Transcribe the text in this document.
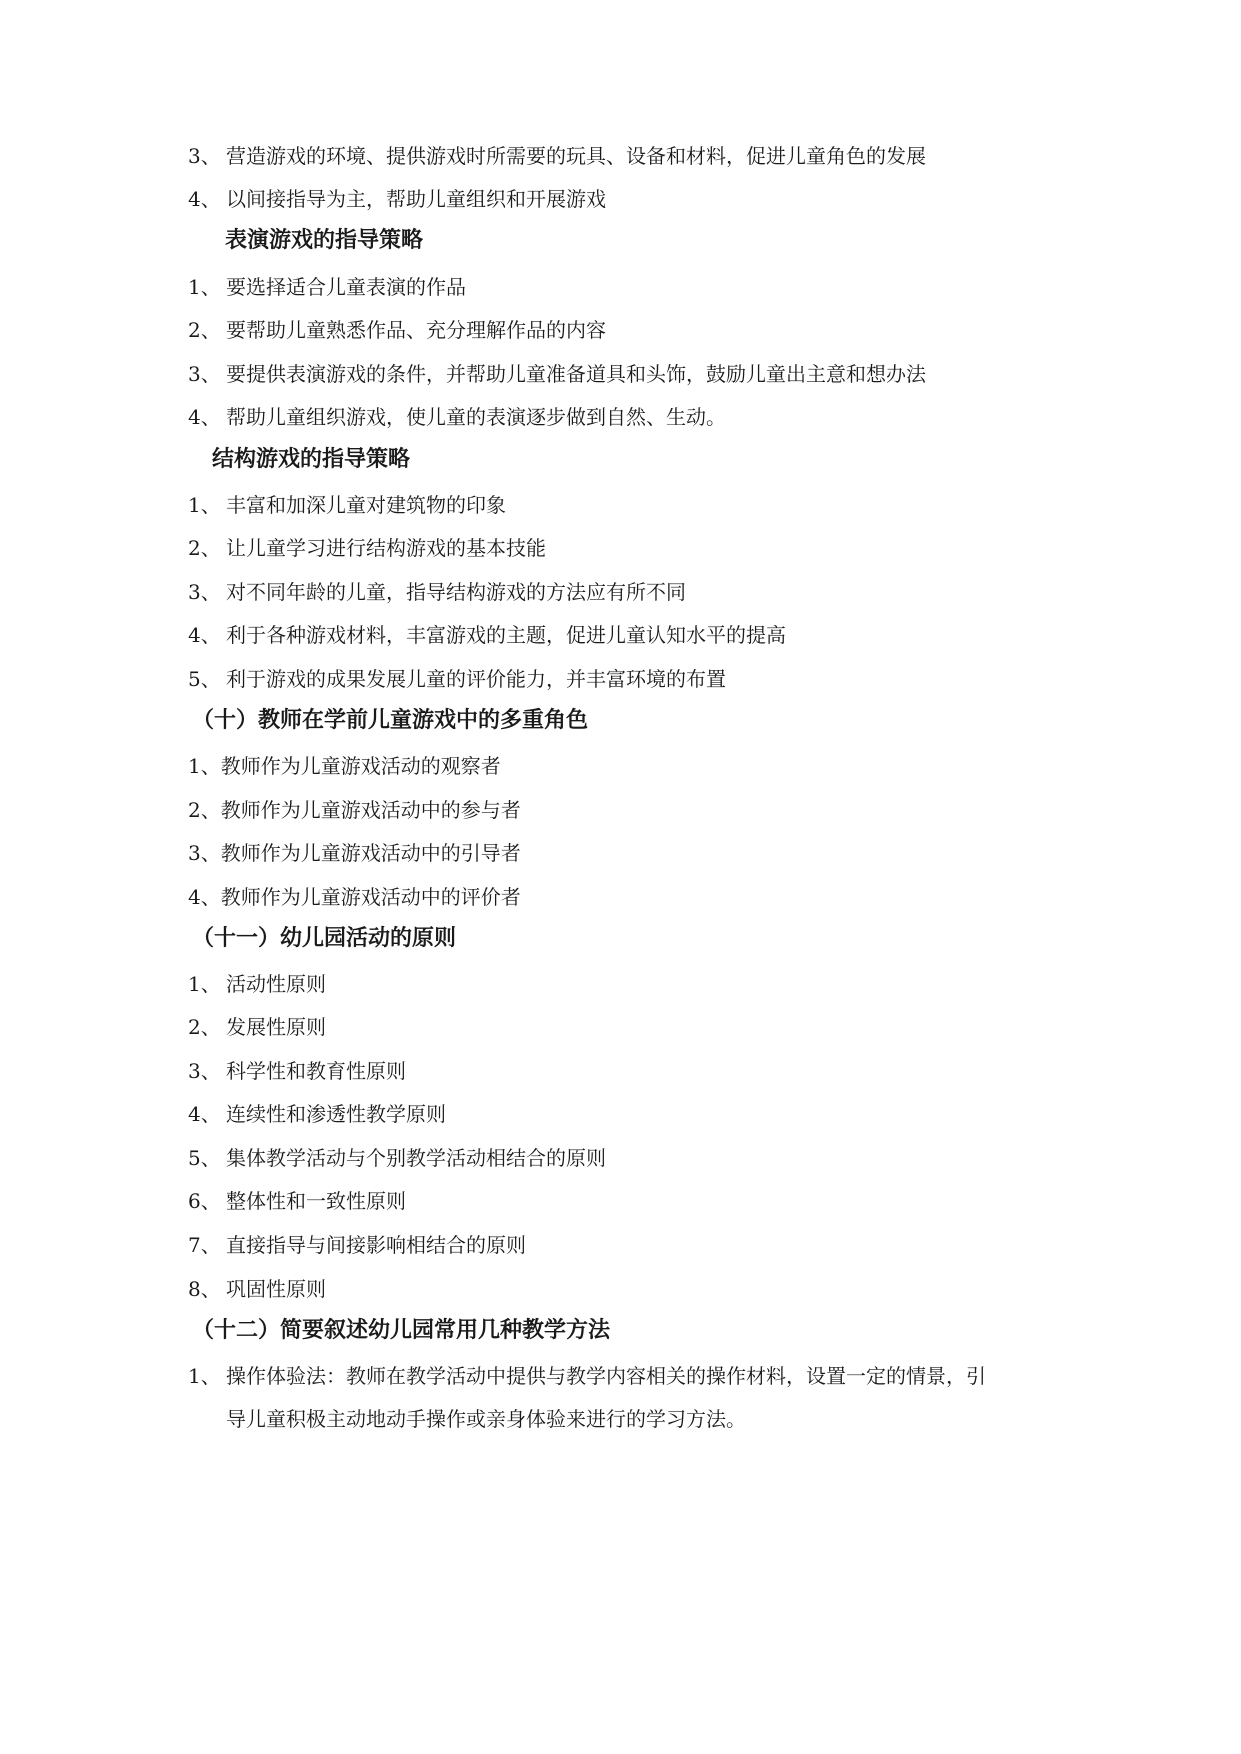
3、 营造游戏的环境、提供游戏时所需要的玩具、设备和材料，促进儿童角色的发展
4、 以间接指导为主，帮助儿童组织和开展游戏
表演游戏的指导策略
1、 要选择适合儿童表演的作品
2、 要帮助儿童熟悉作品、充分理解作品的内容
3、 要提供表演游戏的条件，并帮助儿童准备道具和头饰，鼓励儿童出主意和想办法
4、 帮助儿童组织游戏，使儿童的表演逐步做到自然、生动。
结构游戏的指导策略
1、 丰富和加深儿童对建筑物的印象
2、 让儿童学习进行结构游戏的基本技能
3、 对不同年龄的儿童，指导结构游戏的方法应有所不同
4、 利于各种游戏材料，丰富游戏的主题，促进儿童认知水平的提高
5、 利于游戏的成果发展儿童的评价能力，并丰富环境的布置
（十）教师在学前儿童游戏中的多重角色
1、教师作为儿童游戏活动的观察者
2、教师作为儿童游戏活动中的参与者
3、教师作为儿童游戏活动中的引导者
4、教师作为儿童游戏活动中的评价者
（十一）幼儿园活动的原则
1、 活动性原则
2、 发展性原则
3、 科学性和教育性原则
4、 连续性和渗透性教学原则
5、 集体教学活动与个别教学活动相结合的原则
6、 整体性和一致性原则
7、 直接指导与间接影响相结合的原则
8、 巩固性原则
（十二）简要叙述幼儿园常用几种教学方法
1、 操作体验法：教师在教学活动中提供与教学内容相关的操作材料，设置一定的情景，引
导儿童积极主动地动手操作或亲身体验来进行的学习方法。
